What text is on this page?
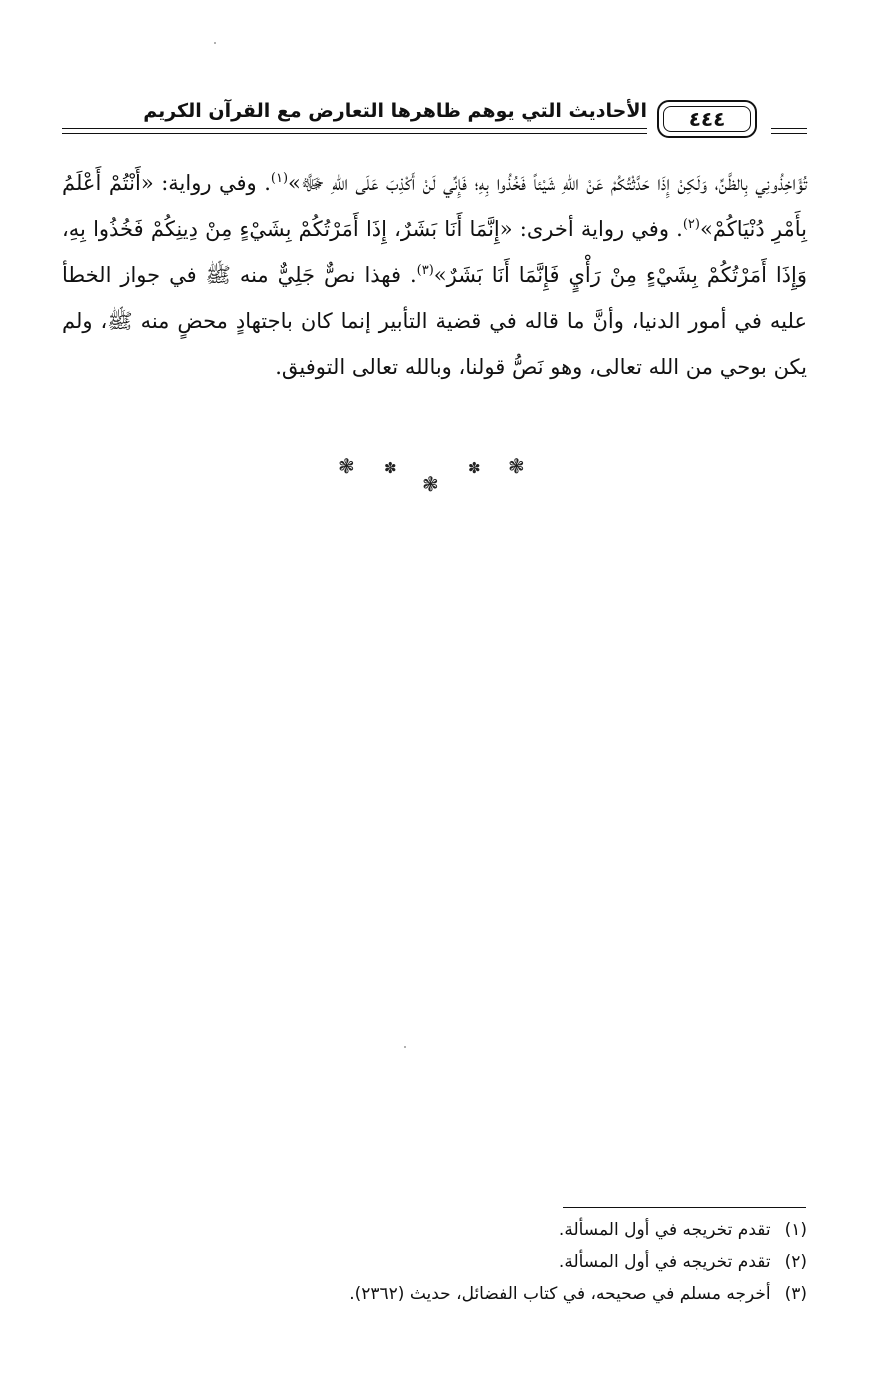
الأحاديث التي يوهم ظاهرها التعارض مع القرآن الكريم ٤٤٤

تُؤَاخِذُونِي بِالظَّنِّ، وَلَكِنْ إِذَا حَدَّثْتُكُمْ عَنْ اللهِ شَيْئاً فَخُذُوا بِهِ؛ فَإِنِّي لَنْ أَكْذِبَ عَلَى اللهِ ﷻ»$^{(١)}$. وفي رواية: «أَنْتُمْ أَعْلَمُ بِأَمْرِ دُنْيَاكُمْ»$^{(٢)}$. وفي رواية أخرى: «إِنَّمَا أَنَا بَشَرٌ، إِذَا أَمَرْتُكُمْ بِشَيْءٍ مِنْ دِينِكُمْ فَخُذُوا بِهِ، وَإِذَا أَمَرْتُكُمْ بِشَيْءٍ مِنْ رَأْيٍ فَإِنَّمَا أَنَا بَشَرٌ»$^{(٣)}$. فهذا نصٌّ جَلِيٌّ منه ﷺ في جواز الخطأ عليه في أمور الدنيا، وأنَّ ما قاله في قضية التأبير إنما كان باجتهادٍ محضٍ منه ﷺ، ولم يكن بوحي من الله تعالى، وهو نَصُّ قولنا، وبالله تعالى التوفيق.

❃ ✽
❃
✽ ❃
(١)
تقدم تخريجه في أول المسألة.
(٢)
تقدم تخريجه في أول المسألة.
(٣)
أخرجه مسلم في صحيحه، في كتاب الفضائل، حديث (٢٣٦٢).
